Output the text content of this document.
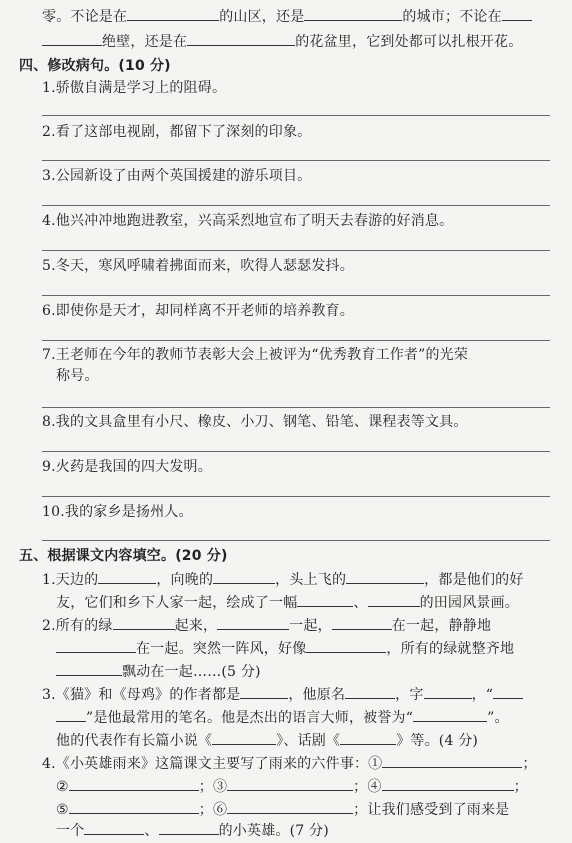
零。不论是在	的山区，还是	的城市；不论在
绝壁，还是在	的花盆里，它到处都可以扎根开花。
四、修改病句。(10 分)
1.骄傲自满是学习上的阻碍。
2.看了这部电视剧，都留下了深刻的印象。
3.公园新设了由两个英国援建的游乐项目。
4.他兴冲冲地跑进教室，兴高采烈地宣布了明天去春游的好消息。
5.冬天，寒风呼啸着拂面而来，吹得人瑟瑟发抖。
6.即使你是天才，却同样离不开老师的培养教育。
7.王老师在今年的教师节表彰大会上被评为“优秀教育工作者”的光荣
称号。
8.我的文具盒里有小尺、橡皮、小刀、钢笔、铅笔、课程表等文具。
9.火药是我国的四大发明。
10.我的家乡是扬州人。
五、根据课文内容填空。(20 分)
1.天边的	，向晚的	，头上飞的	，都是他们的好
友，它们和乡下人家一起，绘成了一幅	、	的田园风景画。
2.所有的绿	起来，	一起，	在一起，静静地
在一起。突然一阵风，好像	，所有的绿就整齐地
飘动在一起……(5 分)
3.《猫》和《母鸡》的作者都是	，他原名	，字	，“
”是他最常用的笔名。他是杰出的语言大师，被誉为“	”。
他的代表作有长篇小说《	》、话剧《	》等。(4 分)
4.《小英雄雨来》这篇课文主要写了雨来的六件事：①	；
②	；③	；④	；
⑤	；⑥	；让我们感受到了雨来是
一个	、	的小英雄。(7 分)
